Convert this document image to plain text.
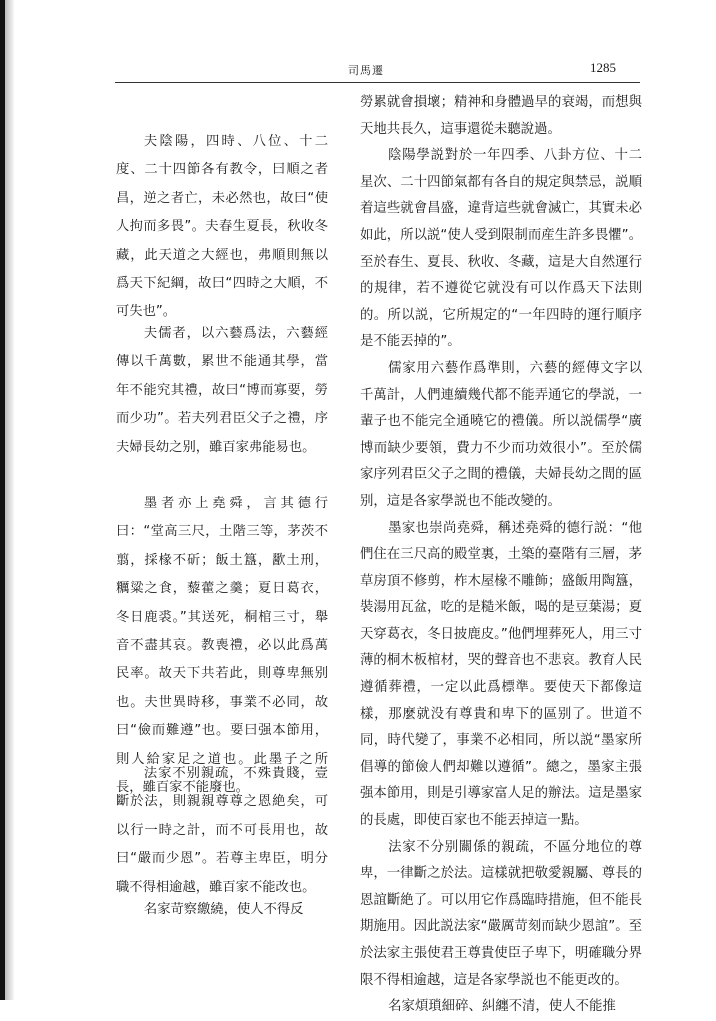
司馬遷	1285

夫陰陽，四時、八位、十二度、二十四節各有教令，曰順之者昌，逆之者亡，未必然也，故曰“使人拘而多畏”。夫春生夏長，秋收冬藏，此天道之大經也，弗順則無以爲天下紀綱，故曰“四時之大順，不可失也”。

夫儒者，以六藝爲法，六藝經傳以千萬數，累世不能通其學，當年不能究其禮，故曰“博而寡要，勞而少功”。若夫列君臣父子之禮，序夫婦長幼之别，雖百家弗能易也。

墨者亦上堯舜，言其德行曰：“堂高三尺，土階三等，茅茨不翦，採椽不斫；飯土簋，歠土刑，糲粱之食，藜藿之羹；夏日葛衣，冬日鹿裘。”其送死，桐棺三寸，舉音不盡其哀。教喪禮，必以此爲萬民率。故天下共若此，則尊卑無别也。夫世異時移，事業不必同，故曰“儉而難遵”也。要曰强本節用，則人給家足之道也。此墨子之所長，雖百家不能廢也。

法家不别親疏，不殊貴賤，壹斷於法，則親親尊尊之恩絶矣，可以行一時之計，而不可長用也，故曰“嚴而少恩”。若尊主卑臣，明分職不得相逾越，雖百家不能改也。

名家苛察繳繞，使人不得反

勞累就會損壞；精神和身體過早的衰竭，而想與天地共長久，這事還從未聽說過。

陰陽學説對於一年四季、八卦方位、十二星次、二十四節氣都有各自的規定與禁忌，説順着這些就會昌盛，違背這些就會滅亡，其實未必如此，所以説“使人受到限制而産生許多畏懼”。至於春生、夏長、秋收、冬藏，這是大自然運行的規律，若不遵從它就没有可以作爲天下法則的。所以説，它所規定的“一年四時的運行順序是不能丟掉的”。

儒家用六藝作爲準則，六藝的經傳文字以千萬計，人們連續幾代都不能弄通它的學説，一輩子也不能完全通曉它的禮儀。所以説儒學“廣博而缺少要領，費力不少而功效很小”。至於儒家序列君臣父子之間的禮儀，夫婦長幼之間的區别，這是各家學説也不能改變的。

墨家也崇尚堯舜，稱述堯舜的德行説：“他們住在三尺高的殿堂裏，土築的臺階有三層，茅草房頂不修剪，柞木屋椽不雕飾；盛飯用陶簋，裝湯用瓦盆，吃的是糙米飯，喝的是豆葉湯；夏天穿葛衣，冬日披鹿皮。”他們埋葬死人，用三寸薄的桐木板棺材，哭的聲音也不悲哀。教育人民遵循葬禮，一定以此爲標準。要使天下都像這樣，那麼就没有尊貴和卑下的區别了。世道不同，時代變了，事業不必相同，所以説“墨家所倡導的節儉人們却難以遵循”。總之，墨家主張强本節用，則是引導家富人足的辦法。這是墨家的長處，即使百家也不能丟掉這一點。

法家不分别關係的親疏，不區分地位的尊卑，一律斷之於法。這樣就把敬愛親屬、尊長的恩誼斷絶了。可以用它作爲臨時措施，但不能長期施用。因此説法家“嚴厲苛刻而缺少恩誼”。至於法家主張使君王尊貴使臣子卑下，明確職分界限不得相逾越，這是各家學説也不能更改的。

名家煩瑣細碎、糾纏不清，使人不能推
